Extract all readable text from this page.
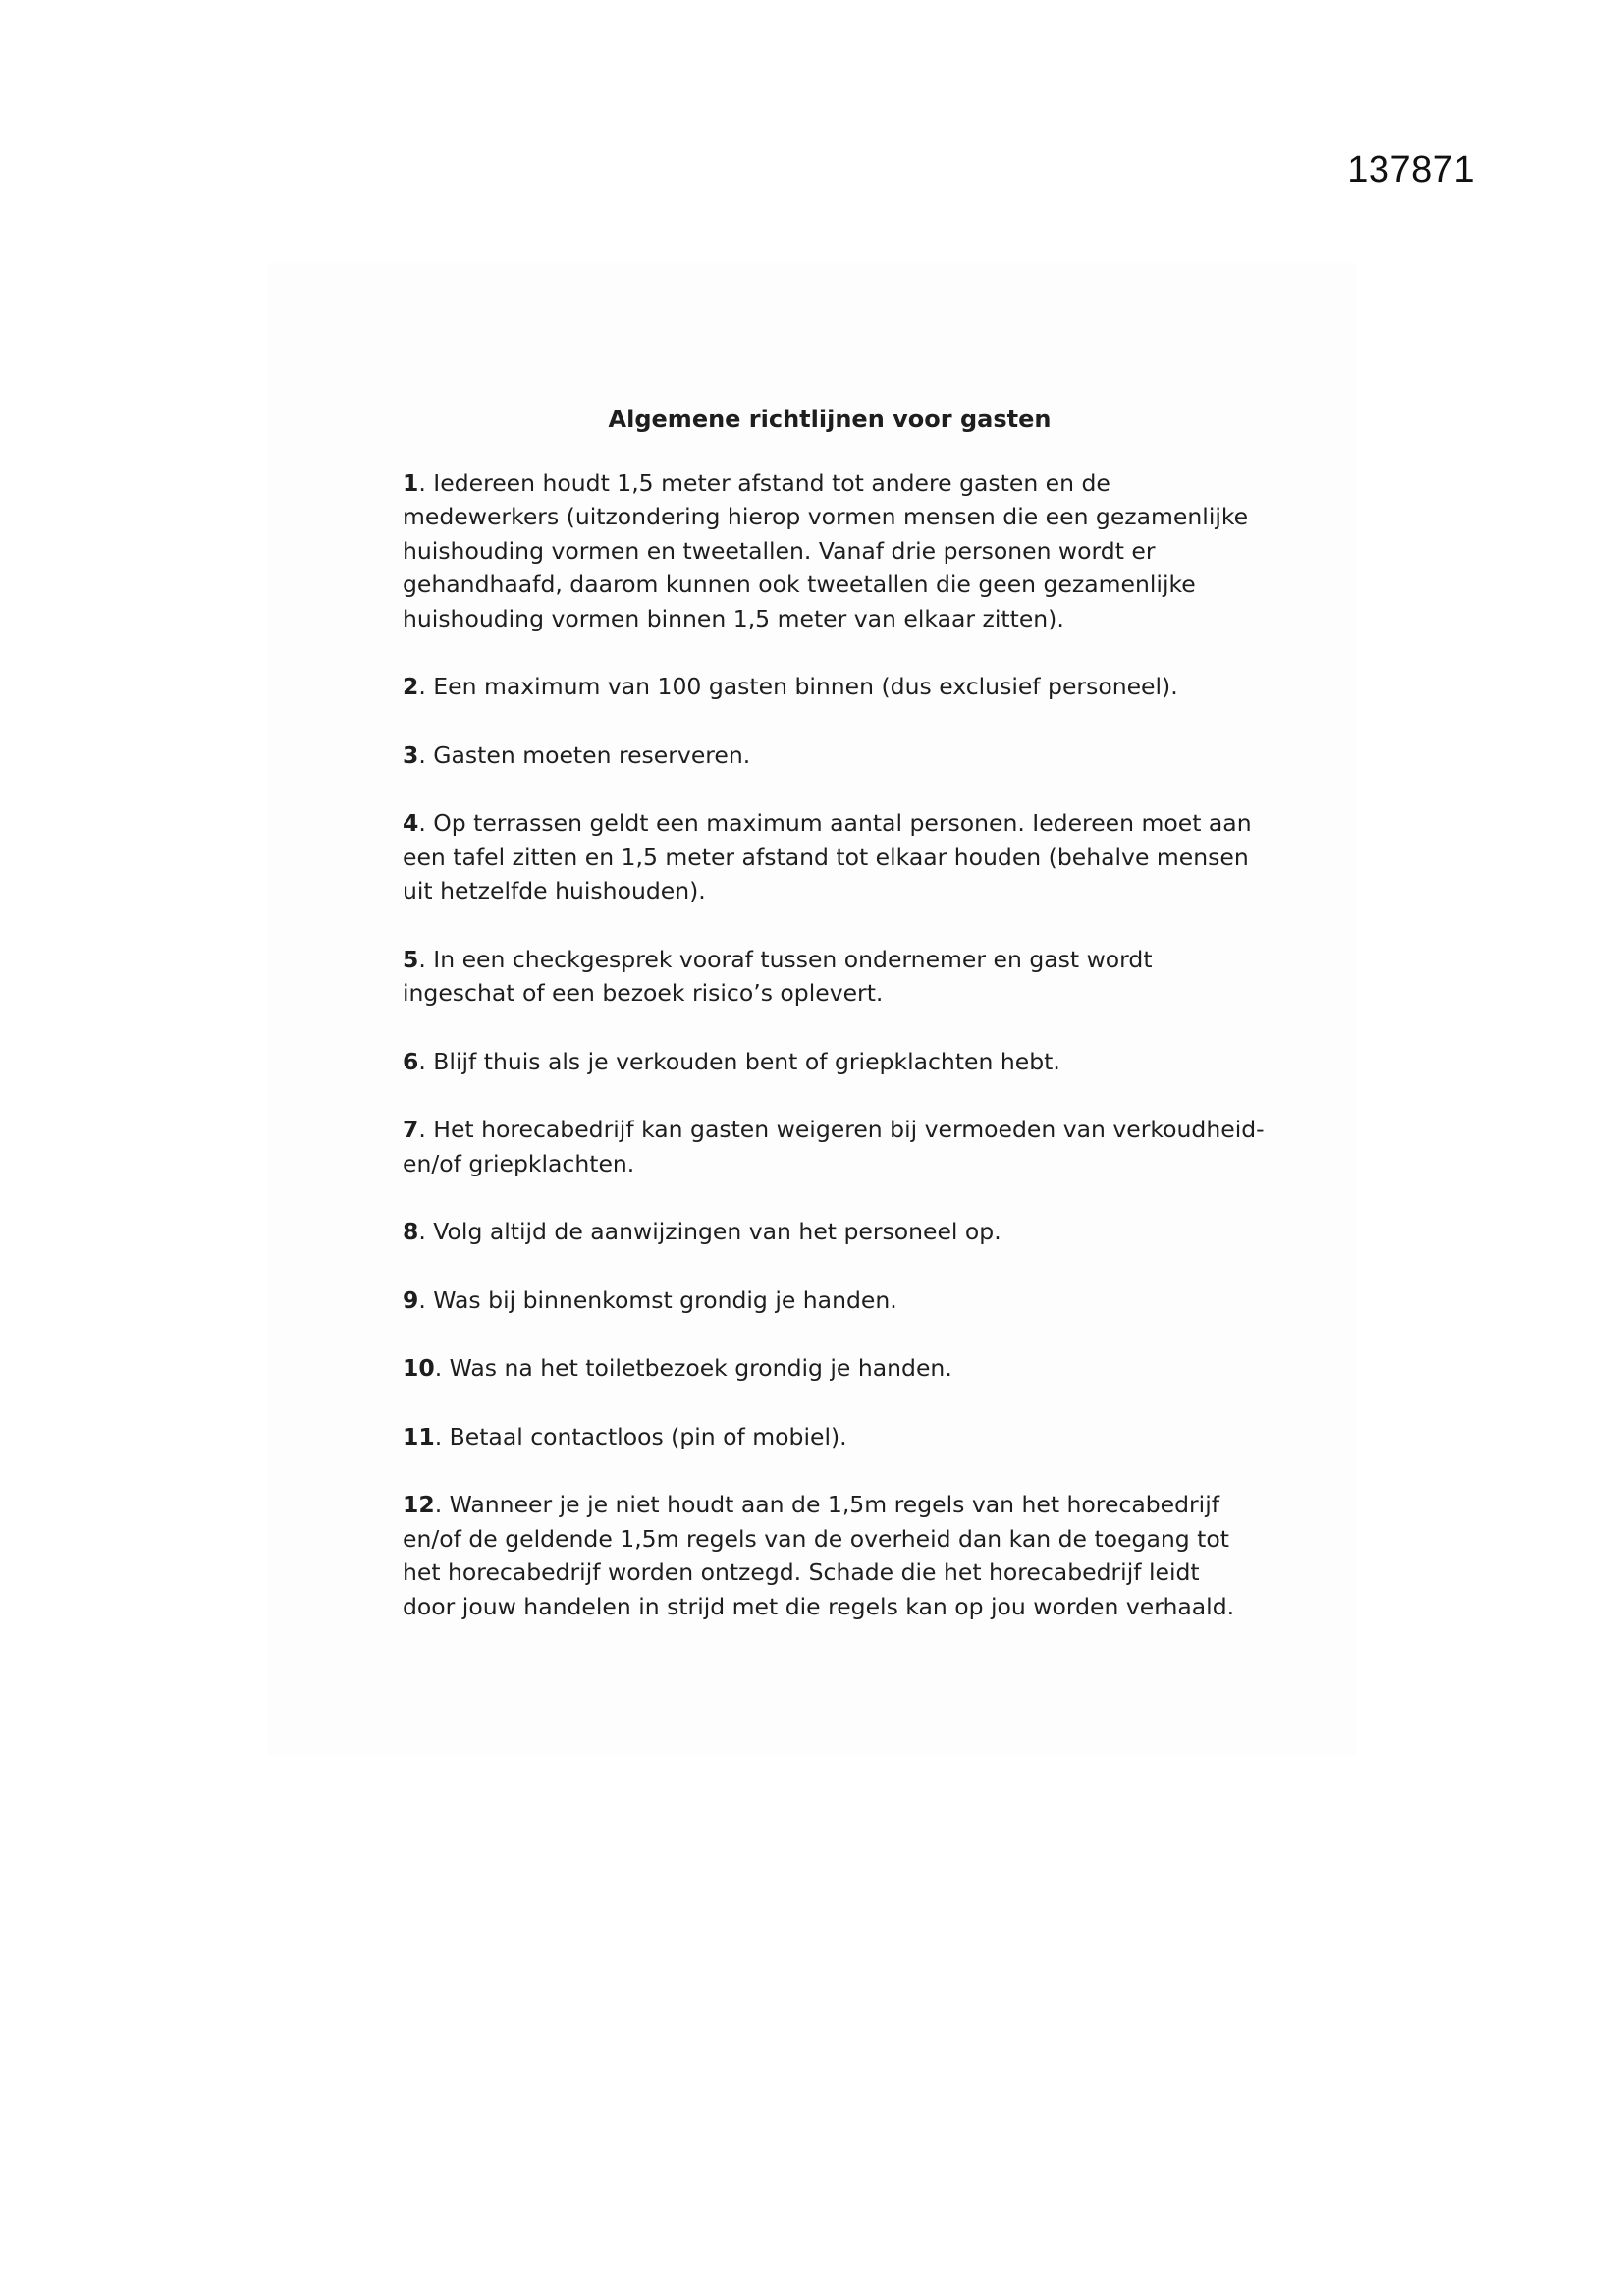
137871
Algemene richtlijnen voor gasten
1. Iedereen houdt 1,5 meter afstand tot andere gasten en de
medewerkers (uitzondering hierop vormen mensen die een gezamenlijke
huishouding vormen en tweetallen. Vanaf drie personen wordt er
gehandhaafd, daarom kunnen ook tweetallen die geen gezamenlijke
huishouding vormen binnen 1,5 meter van elkaar zitten).
2. Een maximum van 100 gasten binnen (dus exclusief personeel).
3. Gasten moeten reserveren.
4. Op terrassen geldt een maximum aantal personen. Iedereen moet aan
een tafel zitten en 1,5 meter afstand tot elkaar houden (behalve mensen
uit hetzelfde huishouden).
5. In een checkgesprek vooraf tussen ondernemer en gast wordt
ingeschat of een bezoek risico’s oplevert.
6. Blijf thuis als je verkouden bent of griepklachten hebt.
7. Het horecabedrijf kan gasten weigeren bij vermoeden van verkoudheid-
en/of griepklachten.
8. Volg altijd de aanwijzingen van het personeel op.
9. Was bij binnenkomst grondig je handen.
10. Was na het toiletbezoek grondig je handen.
11. Betaal contactloos (pin of mobiel).
12. Wanneer je je niet houdt aan de 1,5m regels van het horecabedrijf
en/of de geldende 1,5m regels van de overheid dan kan de toegang tot
het horecabedrijf worden ontzegd. Schade die het horecabedrijf leidt
door jouw handelen in strijd met die regels kan op jou worden verhaald.
